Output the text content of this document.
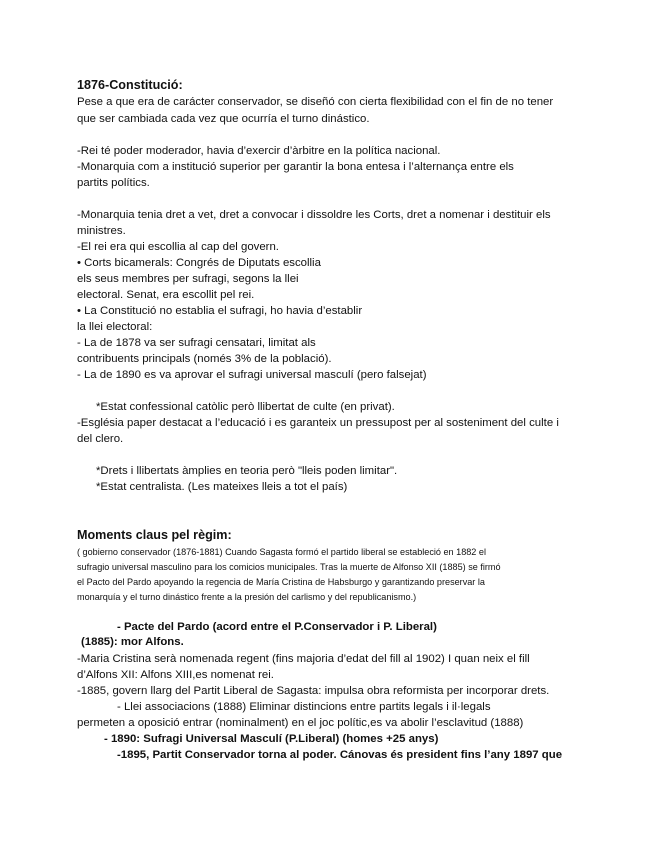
1876-Constitució:
Pese a que era de carácter conservador, se diseñó con cierta flexibilidad con el fin de no tener
que ser cambiada cada vez que ocurría el turno dinástico.
-Rei té poder moderador, havia d’exercir d’àrbitre en la política nacional.
-Monarquia com a institució superior per garantir la bona entesa i l’alternança entre els
partits polítics.
-Monarquia tenia dret a vet, dret a convocar i dissoldre les Corts, dret a nomenar i destituir els
ministres.
-El rei era qui escollia al cap del govern.
• Corts bicamerals: Congrés de Diputats escollia
els seus membres per sufragi, segons la llei
electoral. Senat, era escollit pel rei.
• La Constitució no establia el sufragi, ho havia d’establir
la llei electoral:
- La de 1878 va ser sufragi censatari, limitat als
contribuents principals (només 3% de la població).
- La de 1890 es va aprovar el sufragi universal masculí (pero falsejat)
*Estat confessional catòlic però llibertat de culte (en privat).
-Església paper destacat a l’educació i es garanteix un pressupost per al sosteniment del culte i
del clero.
*Drets i llibertats àmplies en teoria però "lleis poden limitar".
*Estat centralista. (Les mateixes lleis a tot el país)
Moments claus pel règim:
( gobierno conservador (1876-1881) Cuando Sagasta formó el partido liberal se estableció en 1882 el
sufragio universal masculino para los comicios municipales. Tras la muerte de Alfonso XII (1885) se firmó
el Pacto del Pardo apoyando la regencia de María Cristina de Habsburgo y garantizando preservar la
monarquía y el turno dinástico frente a la presión del carlismo y del republicanismo.)
- Pacte del Pardo (acord entre el P.Conservador i P. Liberal)
(1885): mor Alfons.
-Maria Cristina serà nomenada regent (fins majoria d’edat del fill al 1902) I quan neix el fill
d’Alfons XII: Alfons XIII,es nomenat rei.
-1885, govern llarg del Partit Liberal de Sagasta: impulsa obra reformista per incorporar drets.
- Llei associacions (1888) Eliminar distincions entre partits legals i il·legals
permeten a oposició entrar (nominalment) en el joc polític,es va abolir l’esclavitud (1888)
- 1890: Sufragi Universal Masculí (P.Liberal) (homes +25 anys)
-1895, Partit Conservador torna al poder. Cánovas és president fins l’any 1897 que
